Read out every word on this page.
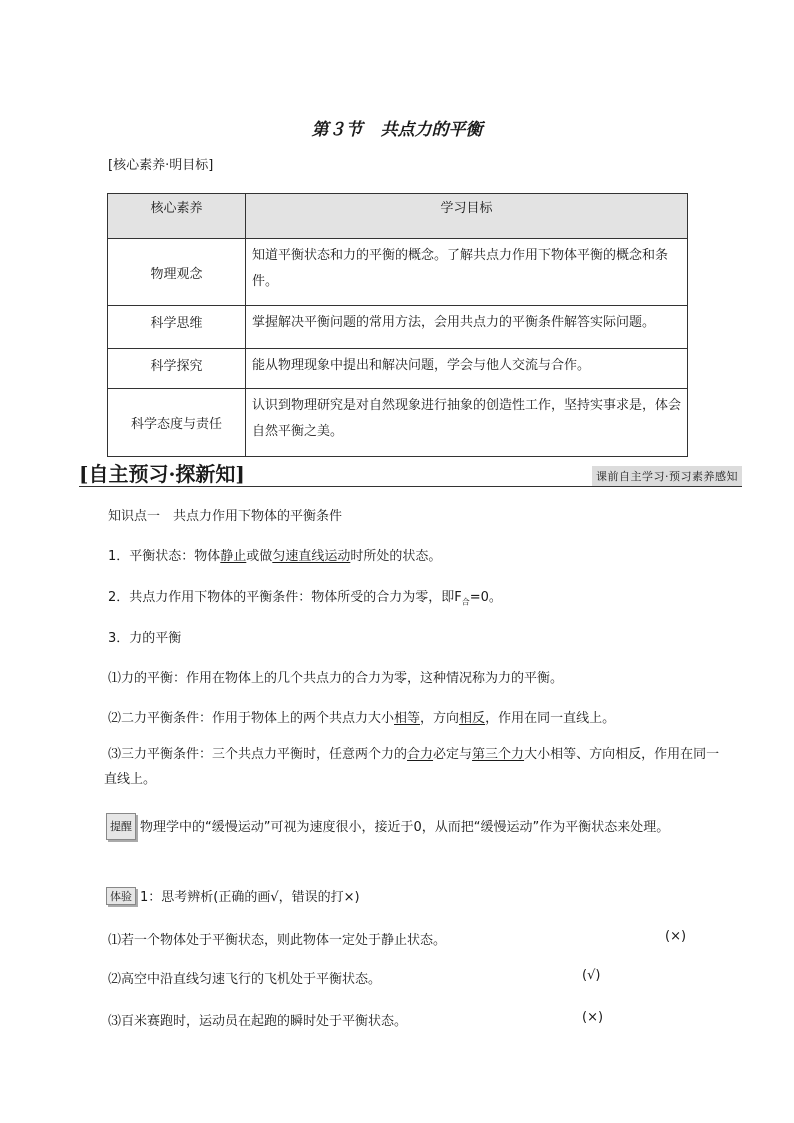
第３节 共点力的平衡
[核心素养·明目标]
核心素养	学习目标
物理观念	知道平衡状态和力的平衡的概念。了解共点力作用下物体平衡的概念和条件。
科学思维	掌握解决平衡问题的常用方法，会用共点力的平衡条件解答实际问题。
科学探究	能从物理现象中提出和解决问题，学会与他人交流与合作。
科学态度与责任	认识到物理研究是对自然现象进行抽象的创造性工作，坚持实事求是，体会自然平衡之美。
[自主预习·探新知]	课前自主学习·预习素养感知
知识点一　共点力作用下物体的平衡条件
1．平衡状态：物体静止或做匀速直线运动时所处的状态。
2．共点力作用下物体的平衡条件：物体所受的合力为零，即$F_合=0$。
3．力的平衡
⑴力的平衡：作用在物体上的几个共点力的合力为零，这种情况称为力的平衡。
⑵二力平衡条件：作用于物体上的两个共点力大小相等，方向相反，作用在同一直线上。
⑶三力平衡条件：三个共点力平衡时，任意两个力的合力必定与第三个力大小相等、方向相反，作用在同一直线上。
提醒 物理学中的“缓慢运动”可视为速度很小，接近于0，从而把“缓慢运动”作为平衡状态来处理。
体验 1：思考辨析(正确的画√，错误的打×)
⑴若一个物体处于平衡状态，则此物体一定处于静止状态。	(×)
⑵高空中沿直线匀速飞行的飞机处于平衡状态。	(√)
⑶百米赛跑时，运动员在起跑的瞬时处于平衡状态。	(×)
